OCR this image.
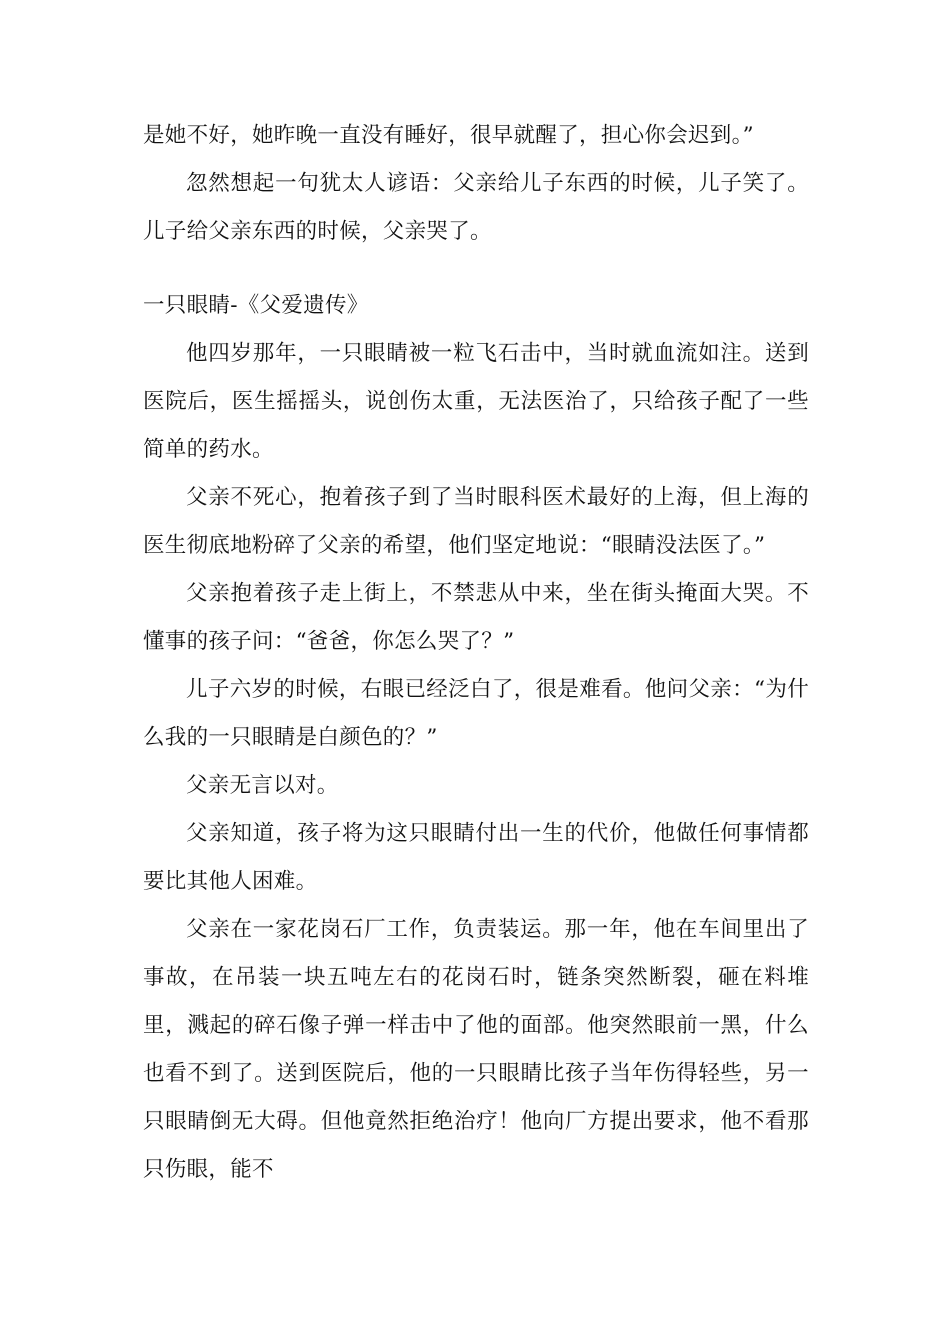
是她不好，她昨晚一直没有睡好，很早就醒了，担心你会迟到。”

忽然想起一句犹太人谚语：父亲给儿子东西的时候，儿子笑了。儿子给父亲东西的时候，父亲哭了。

一只眼睛-《父爱遗传》

他四岁那年，一只眼睛被一粒飞石击中，当时就血流如注。送到医院后，医生摇摇头，说创伤太重，无法医治了，只给孩子配了一些简单的药水。

父亲不死心，抱着孩子到了当时眼科医术最好的上海，但上海的医生彻底地粉碎了父亲的希望，他们坚定地说：“眼睛没法医了。”

父亲抱着孩子走上街上，不禁悲从中来，坐在街头掩面大哭。不懂事的孩子问：“爸爸，你怎么哭了？”

儿子六岁的时候，右眼已经泛白了，很是难看。他问父亲：“为什么我的一只眼睛是白颜色的？”

父亲无言以对。

父亲知道，孩子将为这只眼睛付出一生的代价，他做任何事情都要比其他人困难。

父亲在一家花岗石厂工作，负责装运。那一年，他在车间里出了事故，在吊装一块五吨左右的花岗石时，链条突然断裂，砸在料堆里，溅起的碎石像子弹一样击中了他的面部。他突然眼前一黑，什么也看不到了。送到医院后，他的一只眼睛比孩子当年伤得轻些，另一只眼睛倒无大碍。但他竟然拒绝治疗！他向厂方提出要求，他不看那只伤眼，能不
